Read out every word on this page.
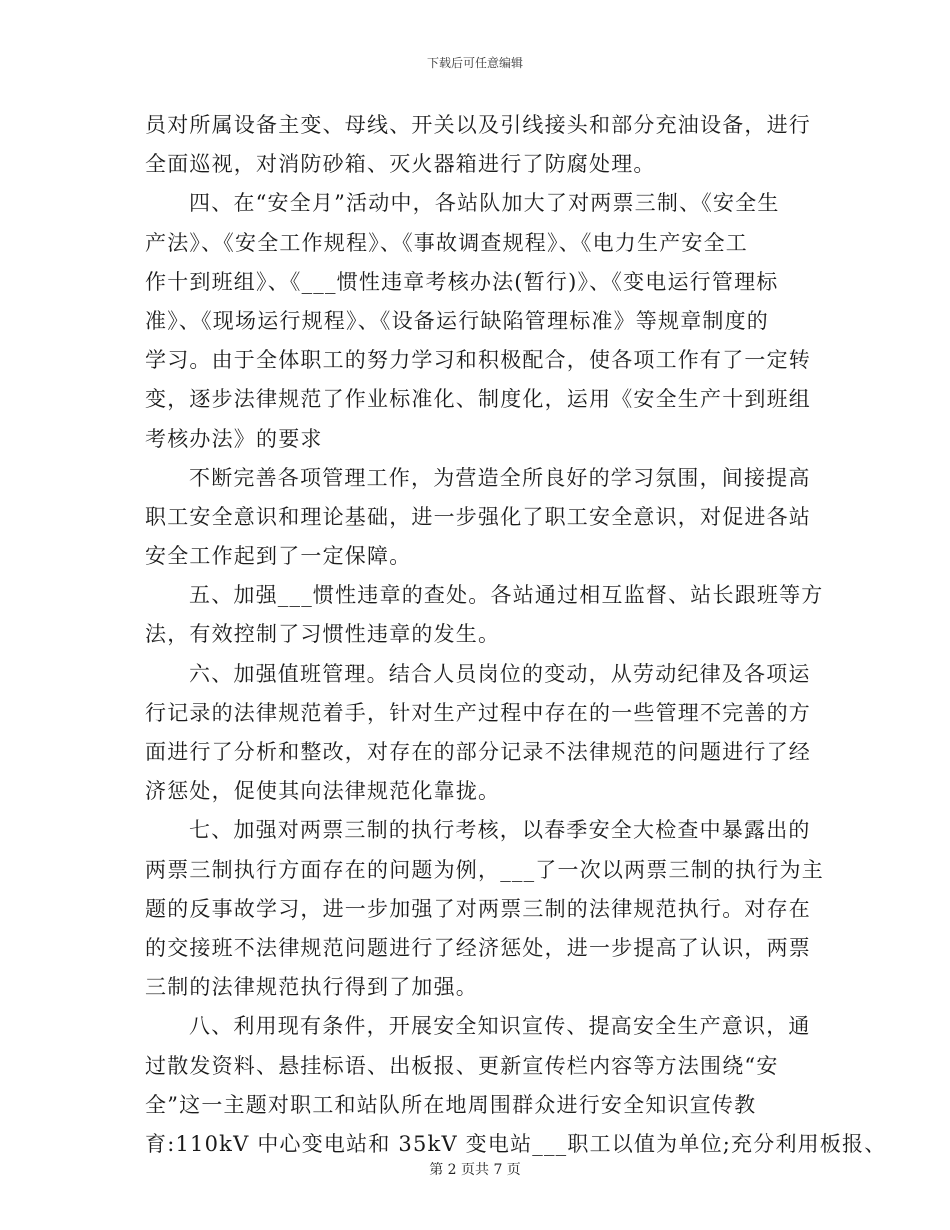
下载后可任意编辑
员对所属设备主变、母线、开关以及引线接头和部分充油设备，进行
全面巡视，对消防砂箱、灭火器箱进行了防腐处理。
四、在“安全月”活动中，各站队加大了对两票三制、《安全生
产法》、《安全工作规程》、《事故调查规程》、《电力生产安全工
作十到班组》、《___惯性违章考核办法(暂行)》、《变电运行管理标
准》、《现场运行规程》、《设备运行缺陷管理标准》等规章制度的
学习。由于全体职工的努力学习和积极配合，使各项工作有了一定转
变，逐步法律规范了作业标准化、制度化，运用《安全生产十到班组
考核办法》的要求
不断完善各项管理工作，为营造全所良好的学习氛围，间接提高
职工安全意识和理论基础，进一步强化了职工安全意识，对促进各站
安全工作起到了一定保障。
五、加强___惯性违章的查处。各站通过相互监督、站长跟班等方
法，有效控制了习惯性违章的发生。
六、加强值班管理。结合人员岗位的变动，从劳动纪律及各项运
行记录的法律规范着手，针对生产过程中存在的一些管理不完善的方
面进行了分析和整改，对存在的部分记录不法律规范的问题进行了经
济惩处，促使其向法律规范化靠拢。
七、加强对两票三制的执行考核，以春季安全大检查中暴露出的
两票三制执行方面存在的问题为例，___了一次以两票三制的执行为主
题的反事故学习，进一步加强了对两票三制的法律规范执行。对存在
的交接班不法律规范问题进行了经济惩处，进一步提高了认识，两票
三制的法律规范执行得到了加强。
八、利用现有条件，开展安全知识宣传、提高安全生产意识，通
过散发资料、悬挂标语、出板报、更新宣传栏内容等方法围绕“安
全”这一主题对职工和站队所在地周围群众进行安全知识宣传教
育:110kV 中心变电站和 35kV 变电站___职工以值为单位;充分利用板报、
第 2 页共 7 页
